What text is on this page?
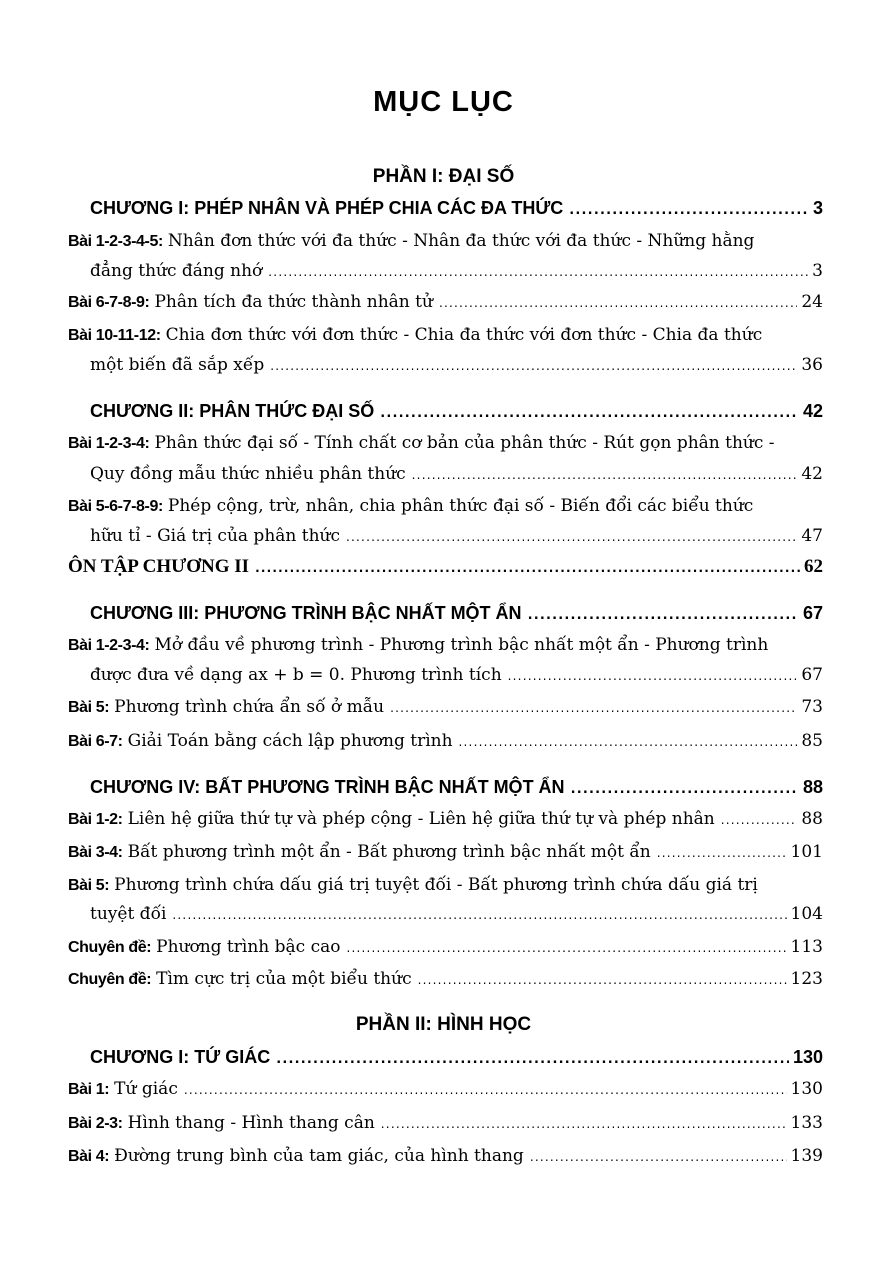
MỤC LỤC
PHẦN I: ĐẠI SỐ
CHƯƠNG I: PHÉP NHÂN VÀ PHÉP CHIA CÁC ĐA THỨC .....	3
Bài 1-2-3-4-5: Nhân đơn thức với đa thức - Nhân đa thức với đa thức - Những hằng
đẳng thức đáng nhớ .....	3
Bài 6-7-8-9: Phân tích đa thức thành nhân tử .....	24
Bài 10-11-12: Chia đơn thức với đơn thức - Chia đa thức với đơn thức - Chia đa thức
một biến đã sắp xếp .....	36
CHƯƠNG II: PHÂN THỨC ĐẠI SỐ .....	42
Bài 1-2-3-4: Phân thức đại số - Tính chất cơ bản của phân thức - Rút gọn phân thức -
Quy đồng mẫu thức nhiều phân thức .....	42
Bài 5-6-7-8-9: Phép cộng, trừ, nhân, chia phân thức đại số - Biến đổi các biểu thức
hữu tỉ - Giá trị của phân thức .....	47
ÔN TẬP CHƯƠNG II .....	62
CHƯƠNG III: PHƯƠNG TRÌNH BẬC NHẤT MỘT ẨN .....	67
Bài 1-2-3-4: Mở đầu về phương trình - Phương trình bậc nhất một ẩn - Phương trình
được đưa về dạng ax + b = 0. Phương trình tích .....	67
Bài 5: Phương trình chứa ẩn số ở mẫu .....	73
Bài 6-7: Giải Toán bằng cách lập phương trình .....	85
CHƯƠNG IV: BẤT PHƯƠNG TRÌNH BẬC NHẤT MỘT ẨN .....	88
Bài 1-2: Liên hệ giữa thứ tự và phép cộng - Liên hệ giữa thứ tự và phép nhân .....	88
Bài 3-4: Bất phương trình một ẩn - Bất phương trình bậc nhất một ẩn .....	101
Bài 5: Phương trình chứa dấu giá trị tuyệt đối - Bất phương trình chứa dấu giá trị
tuyệt đối .....	104
Chuyên đề: Phương trình bậc cao .....	113
Chuyên đề: Tìm cực trị của một biểu thức .....	123
PHẦN II: HÌNH HỌC
CHƯƠNG I: TỨ GIÁC .....	130
Bài 1: Tứ giác .....	130
Bài 2-3: Hình thang - Hình thang cân .....	133
Bài 4: Đường trung bình của tam giác, của hình thang .....	139
